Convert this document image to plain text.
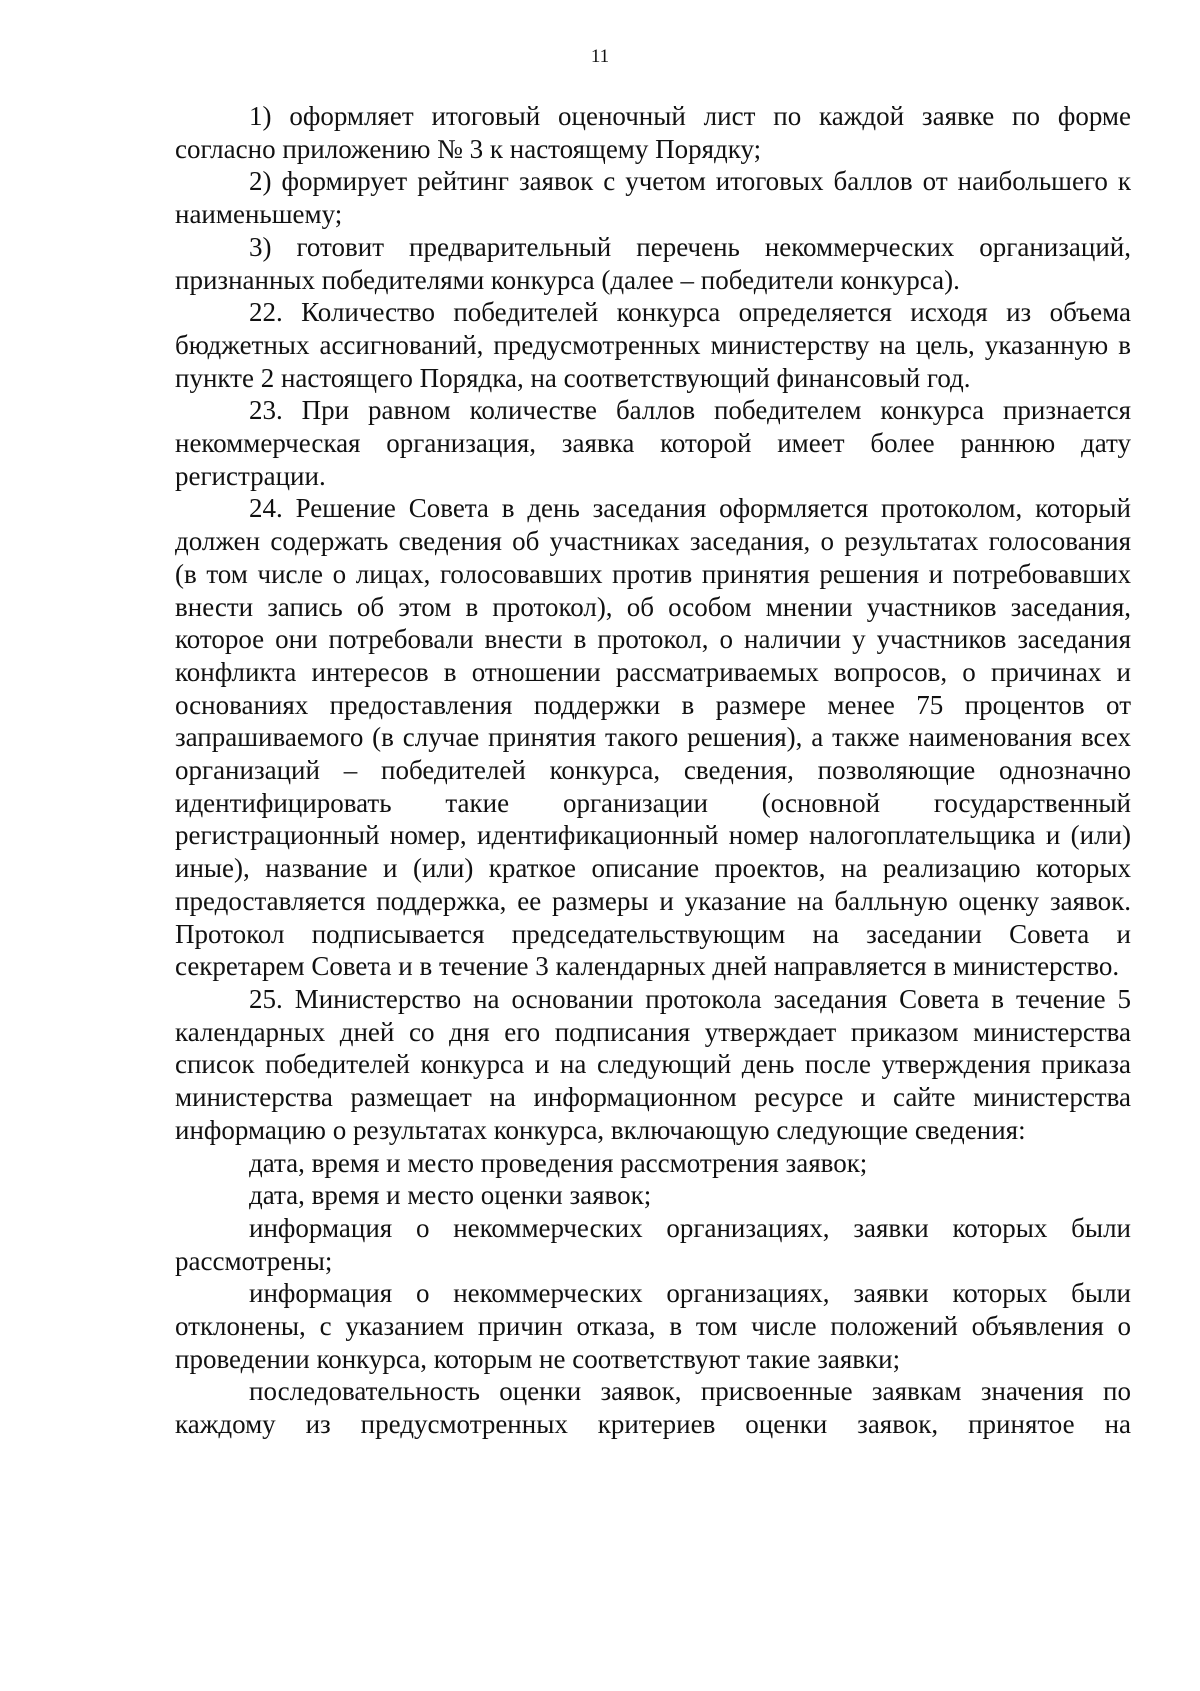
11

1) оформляет итоговый оценочный лист по каждой заявке по форме согласно приложению № 3 к настоящему Порядку;

2) формирует рейтинг заявок с учетом итоговых баллов от наибольшего к наименьшему;

3) готовит предварительный перечень некоммерческих организаций, признанных победителями конкурса (далее – победители конкурса).

22. Количество победителей конкурса определяется исходя из объема бюджетных ассигнований, предусмотренных министерству на цель, указанную в пункте 2 настоящего Порядка, на соответствующий финансовый год.

23. При равном количестве баллов победителем конкурса признается некоммерческая организация, заявка которой имеет более раннюю дату регистрации.

24. Решение Совета в день заседания оформляется протоколом, который должен содержать сведения об участниках заседания, о результатах голосования (в том числе о лицах, голосовавших против принятия решения и потребовавших внести запись об этом в протокол), об особом мнении участников заседания, которое они потребовали внести в протокол, о наличии у участников заседания конфликта интересов в отношении рассматриваемых вопросов, о причинах и основаниях предоставления поддержки в размере менее 75 процентов от запрашиваемого (в случае принятия такого решения), а также наименования всех организаций – победителей конкурса, сведения, позволяющие однозначно идентифицировать такие организации (основной государственный регистрационный номер, идентификационный номер налогоплательщика и (или) иные), название и (или) краткое описание проектов, на реализацию которых предоставляется поддержка, ее размеры и указание на балльную оценку заявок. Протокол подписывается председательствующим на заседании Совета и секретарем Совета и в течение 3 календарных дней направляется в министерство.

25. Министерство на основании протокола заседания Совета в течение 5 календарных дней со дня его подписания утверждает приказом министерства список победителей конкурса и на следующий день после утверждения приказа министерства размещает на информационном ресурсе и сайте министерства информацию о результатах конкурса, включающую следующие сведения:

дата, время и место проведения рассмотрения заявок;

дата, время и место оценки заявок;

информация о некоммерческих организациях, заявки которых были рассмотрены;

информация о некоммерческих организациях, заявки которых были отклонены, с указанием причин отказа, в том числе положений объявления о проведении конкурса, которым не соответствуют такие заявки;

последовательность оценки заявок, присвоенные заявкам значения по каждому из предусмотренных критериев оценки заявок, принятое на
